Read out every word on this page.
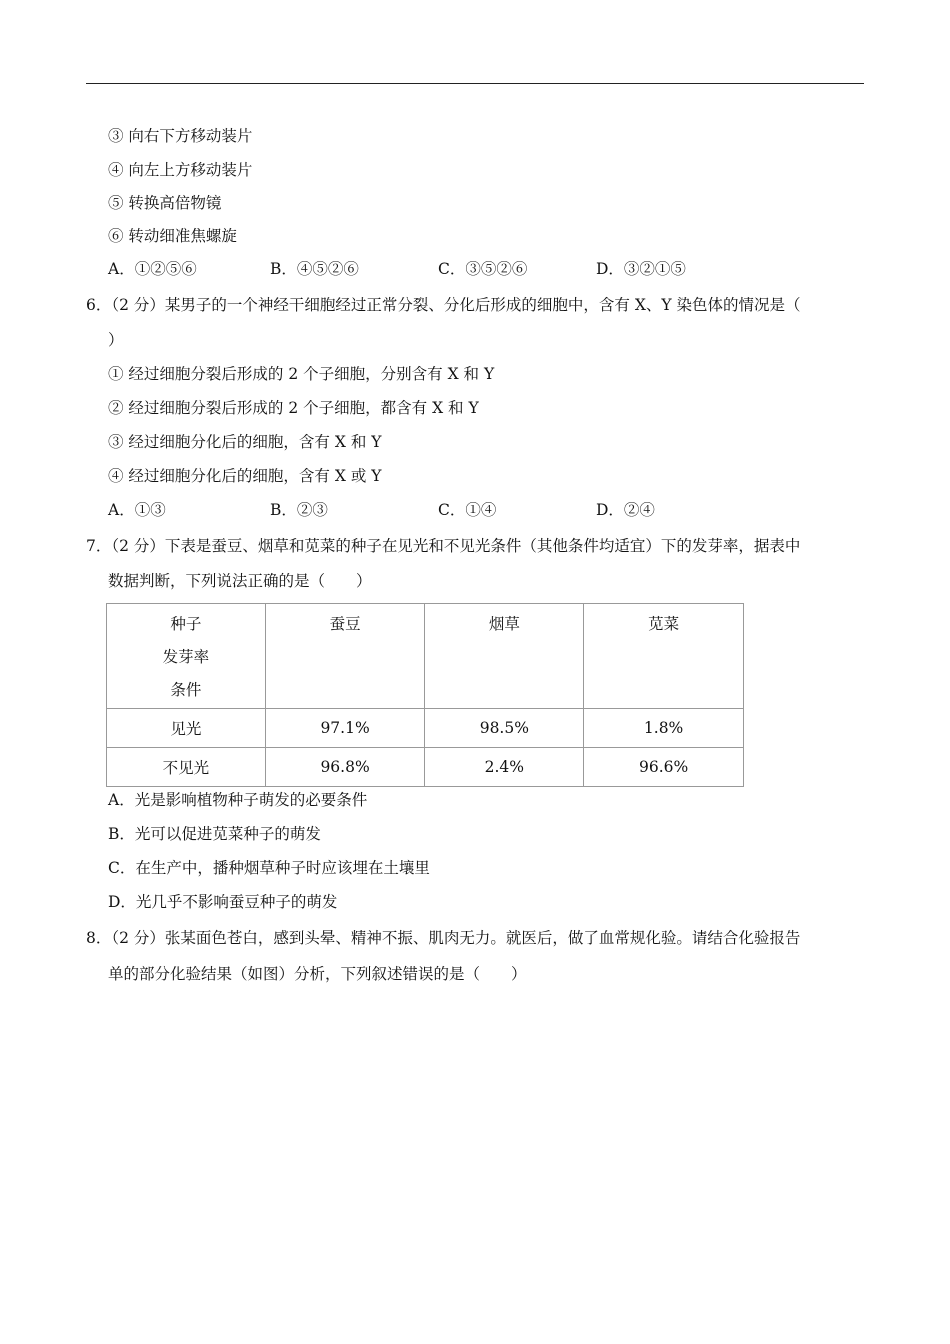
③ 向右下方移动装片
④ 向左上方移动装片
⑤ 转换高倍物镜
⑥ 转动细准焦螺旋
A．①②⑤⑥	B．④⑤②⑥	C．③⑤②⑥	D．③②①⑤
6．（2 分）某男子的一个神经干细胞经过正常分裂、分化后形成的细胞中，含有 X、Y 染色体的情况是（
）
① 经过细胞分裂后形成的 2 个子细胞，分别含有 X 和 Y
② 经过细胞分裂后形成的 2 个子细胞，都含有 X 和 Y
③ 经过细胞分化后的细胞，含有 X 和 Y
④ 经过细胞分化后的细胞，含有 X 或 Y
A．①③	B．②③	C．①④	D．②④
7．（2 分）下表是蚕豆、烟草和苋菜的种子在见光和不见光条件（其他条件均适宜）下的发芽率，据表中
数据判断，下列说法正确的是（　　）
种子
发芽率
条件	蚕豆	烟草	苋菜

见光	97.1%	98.5%	1.8%
不见光	96.8%	2.4%	96.6%
A．光是影响植物种子萌发的必要条件
B．光可以促进苋菜种子的萌发
C．在生产中，播种烟草种子时应该埋在土壤里
D．光几乎不影响蚕豆种子的萌发
8．（2 分）张某面色苍白，感到头晕、精神不振、肌肉无力。就医后，做了血常规化验。请结合化验报告
单的部分化验结果（如图）分析，下列叙述错误的是（　　）
